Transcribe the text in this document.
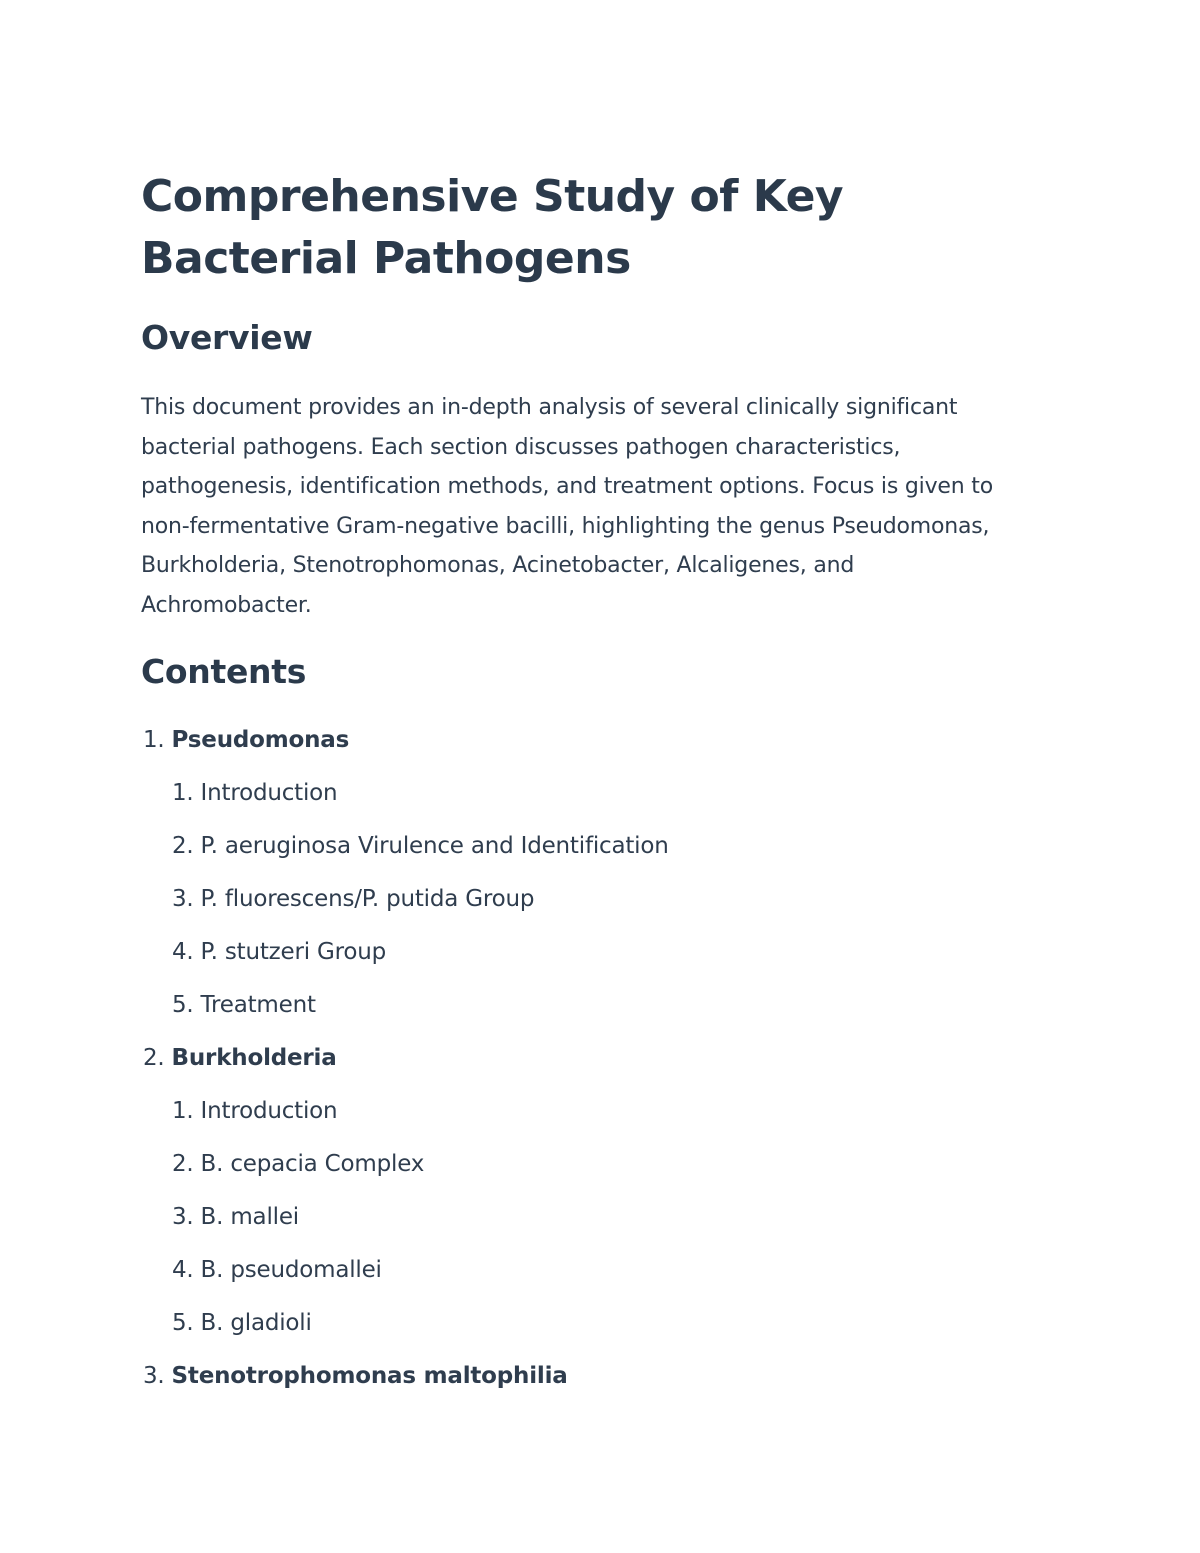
Comprehensive Study of Key Bacterial Pathogens
Overview

This document provides an in-depth analysis of several clinically significant bacterial pathogens. Each section discusses pathogen characteristics, pathogenesis, identification methods, and treatment options. Focus is given to non-fermentative Gram-negative bacilli, highlighting the genus Pseudomonas, Burkholderia, Stenotrophomonas, Acinetobacter, Alcaligenes, and Achromobacter.

Contents
1. Pseudomonas
1. Introduction
2. P. aeruginosa Virulence and Identification
3. P. fluorescens/P. putida Group
4. P. stutzeri Group
5. Treatment
2. Burkholderia
1. Introduction
2. B. cepacia Complex
3. B. mallei
4. B. pseudomallei
5. B. gladioli
3. Stenotrophomonas maltophilia
